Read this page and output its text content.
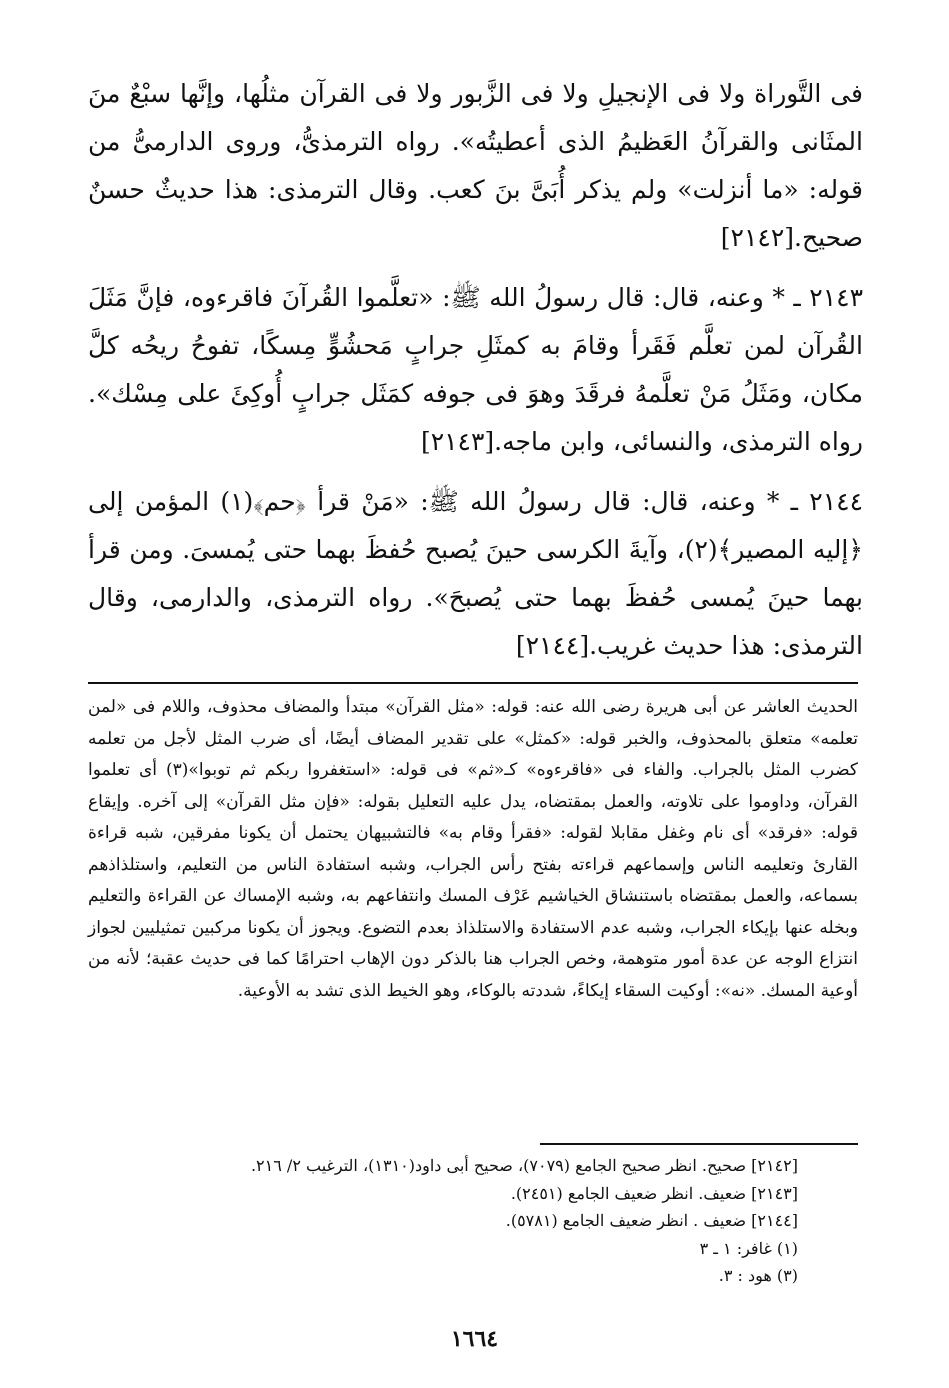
فى التَّوراة ولا فى الإنجيلِ ولا فى الزَّبور ولا فى القرآن مثلُها، وإنَّها سبْعٌ منَ المثَانى والقرآنُ العَظيمُ الذى أعطيتُه». رواه الترمذىُّ، وروى الدارمىُّ من قوله: «ما أنزلت» ولم يذكر أُبَىَّ بنَ كعب. وقال الترمذى: هذا حديثٌ حسنٌ صحيح.[٢١٤٢]

٢١٤٣ ـ * وعنه، قال: قال رسولُ الله ﷺ: «تعلَّموا القُرآنَ فاقرءوه، فإنَّ مَثَلَ القُرآن لمن تعلَّم فَقَرأ وقامَ به كمثَلِ جرابٍ مَحشُوٍّ مِسكًا، تفوحُ ريحُه كلَّ مكان، ومَثَلُ مَنْ تعلَّمهُ فرقَدَ وهوَ فى جوفه كمَثَل جرابٍ أُوكِئَ على مِسْك». رواه الترمذى، والنسائى، وابن ماجه.[٢١٤٣]

٢١٤٤ ـ * وعنه، قال: قال رسولُ الله ﷺ: «مَنْ قرأ ﴿حم﴾(١) المؤمن إلى ﴿إليه المصير﴾(٢)، وآيةَ الكرسى حينَ يُصبح حُفظَ بهما حتى يُمسىَ. ومن قرأ بهما حينَ يُمسى حُفظَ بهما حتى يُصبحَ». رواه الترمذى، والدارمى، وقال الترمذى: هذا حديث غريب.[٢١٤٤]

الحديث العاشر عن أبى هريرة رضى الله عنه: قوله: «مثل القرآن» مبتدأ والمضاف محذوف، واللام فى «لمن تعلمه» متعلق بالمحذوف، والخبر قوله: «كمثل» على تقدير المضاف أيضًا، أى ضرب المثل لأجل من تعلمه كضرب المثل بالجراب. والفاء فى «فاقرءوه» كـ«ثم» فى قوله: «استغفروا ربكم ثم توبوا»(٣) أى تعلموا القرآن، وداوموا على تلاوته، والعمل بمقتضاه، يدل عليه التعليل بقوله: «فإن مثل القرآن» إلى آخره. وإيقاع قوله: «فرقد» أى نام وغفل مقابلا لقوله: «فقرأ وقام به» فالتشبيهان يحتمل أن يكونا مفرقين، شبه قراءة القارئ وتعليمه الناس وإسماعهم قراءته بفتح رأس الجراب، وشبه استفادة الناس من التعليم، واستلذاذهم بسماعه، والعمل بمقتضاه باستنشاق الخياشيم عَرْف المسك وانتفاعهم به، وشبه الإمساك عن القراءة والتعليم وبخله عنها بإيكاء الجراب، وشبه عدم الاستفادة والاستلذاذ بعدم التضوع. ويجوز أن يكونا مركبين تمثيليين لجواز انتزاع الوجه عن عدة أمور متوهمة، وخص الجراب هنا بالذكر دون الإهاب احترامًا كما فى حديث عقبة؛ لأنه من أوعية المسك. «نه»: أوكيت السقاء إيكاءً، شددته بالوكاء، وهو الخيط الذى تشد به الأوعية.

[٢١٤٢] صحيح. انظر صحيح الجامع (٧٠٧٩)، صحيح أبى داود(١٣١٠)، الترغيب ٢/ ٢١٦.
[٢١٤٣] ضعيف. انظر ضعيف الجامع (٢٤٥١).
[٢١٤٤] ضعيف . انظر ضعيف الجامع (٥٧٨١).
(١) غافر: ١ ـ ٣
(٣) هود : ٣.
١٦٦٤
